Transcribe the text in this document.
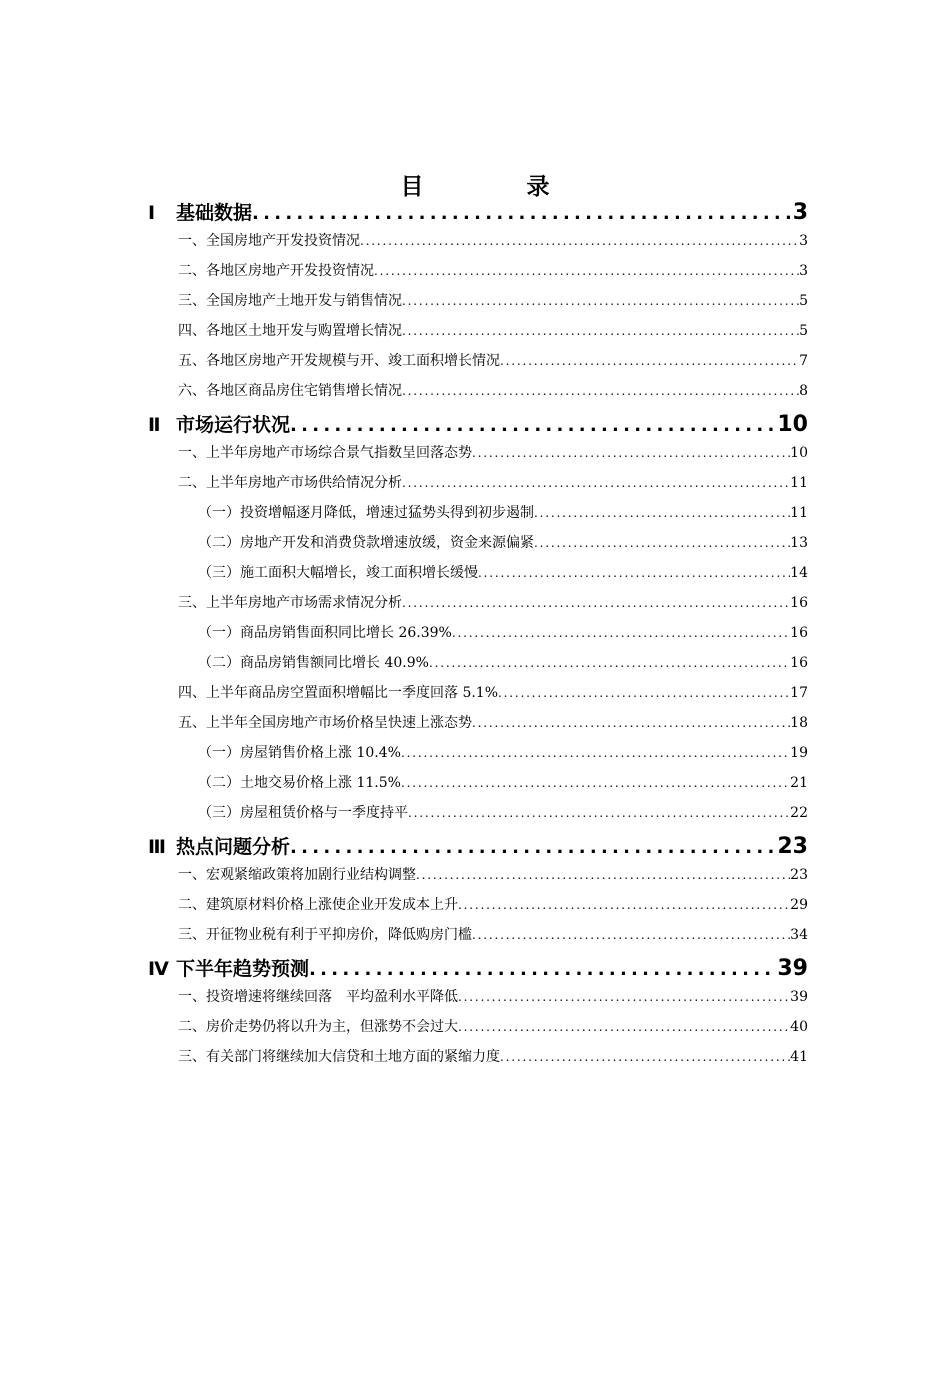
目　录
Ⅰ 基础数据 . . .	3
一、全国房地产开发投资情况 . . .	3
二、各地区房地产开发投资情况 . . .	3
三、全国房地产土地开发与销售情况 . . .	5
四、各地区土地开发与购置增长情况 . . .	5
五、各地区房地产开发规模与开、竣工面积增长情况 . . .	7
六、各地区商品房住宅销售增长情况 . . .	8
Ⅱ 市场运行状况 . . .	10
一、上半年房地产市场综合景气指数呈回落态势 . . .	10
二、上半年房地产市场供给情况分析 . . .	11
（一）投资增幅逐月降低，增速过猛势头得到初步遏制 . . .	11
（二）房地产开发和消费贷款增速放缓，资金来源偏紧 . . .	13
（三）施工面积大幅增长，竣工面积增长缓慢 . . .	14
三、上半年房地产市场需求情况分析 . . .	16
（一）商品房销售面积同比增长 26.39% . . .	16
（二）商品房销售额同比增长 40.9% . . .	16
四、上半年商品房空置面积增幅比一季度回落 5.1% . . .	17
五、上半年全国房地产市场价格呈快速上涨态势 . . .	18
（一）房屋销售价格上涨 10.4% . . .	19
（二）土地交易价格上涨 11.5% . . .	21
（三）房屋租赁价格与一季度持平 . . .	22
Ⅲ 热点问题分析 . . .	23
一、宏观紧缩政策将加剧行业结构调整 . . .	23
二、建筑原材料价格上涨使企业开发成本上升 . . .	29
三、开征物业税有利于平抑房价，降低购房门槛 . . .	34
Ⅳ 下半年趋势预测 . . .	39
一、投资增速将继续回落　平均盈利水平降低 . . .	39
二、房价走势仍将以升为主，但涨势不会过大 . . .	40
三、有关部门将继续加大信贷和土地方面的紧缩力度 . . .	41
